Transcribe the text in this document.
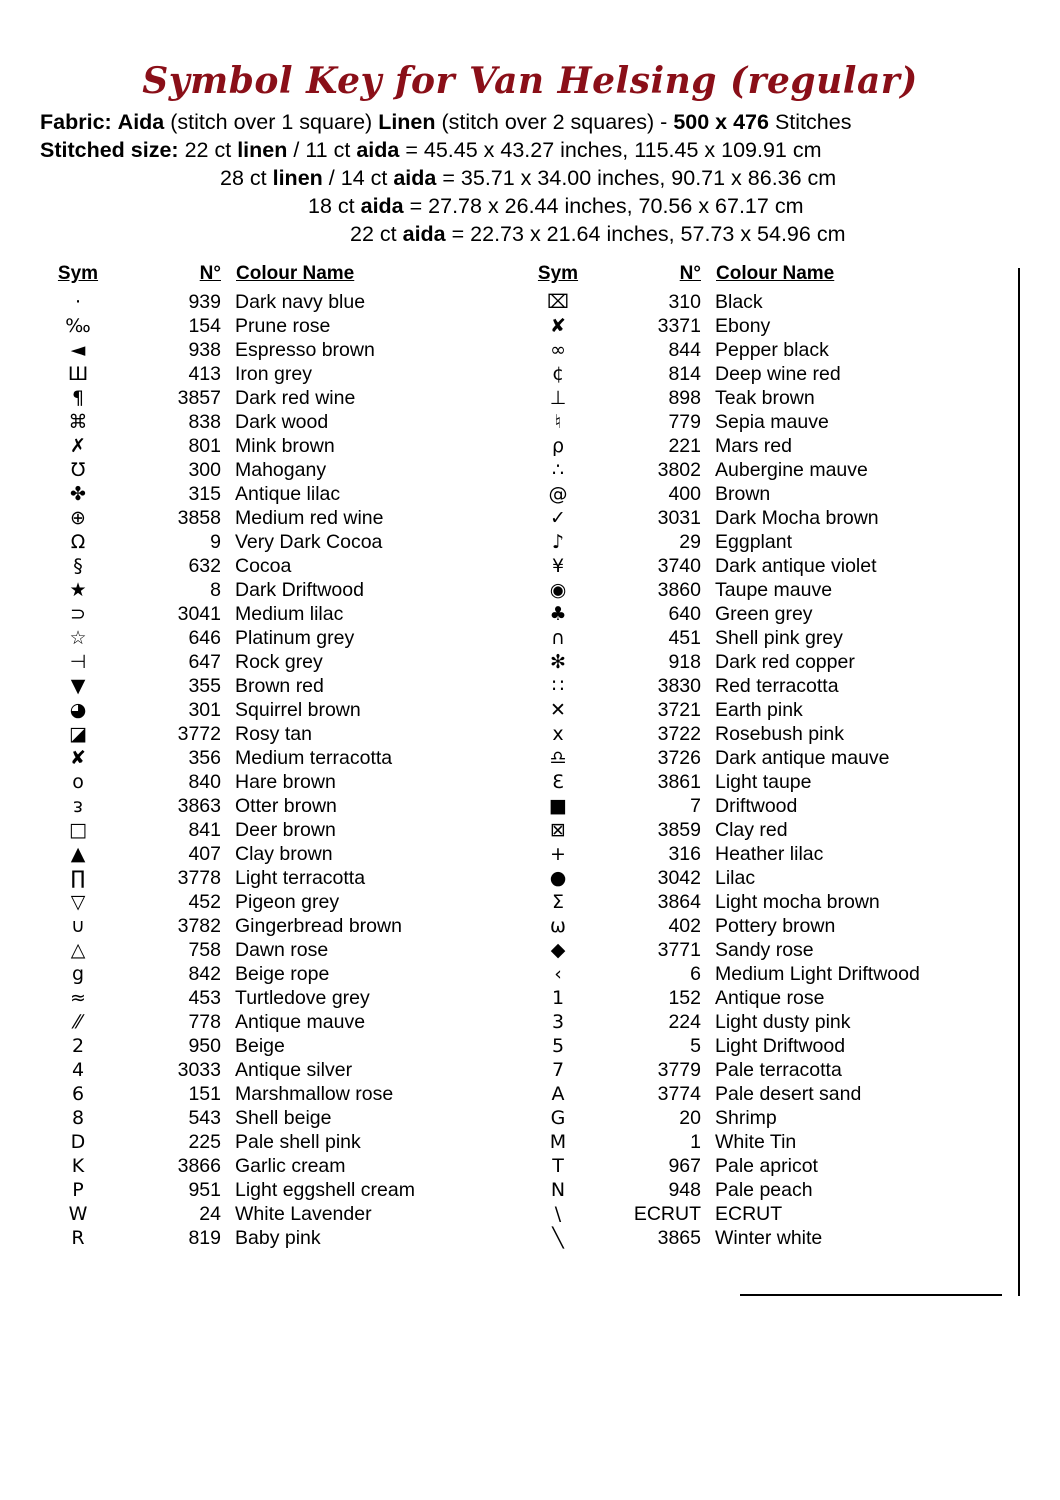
Symbol Key for Van Helsing (regular)
Fabric: Aida (stitch over 1 square) Linen (stitch over 2 squares) - 500 x 476 Stitches
Stitched size: 22 ct linen / 11 ct aida = 45.45 x 43.27 inches, 115.45 x 109.91 cm
28 ct linen / 14 ct aida = 35.71 x 34.00 inches, 90.71 x 86.36 cm
18 ct aida = 27.78 x 26.44 inches, 70.56 x 67.17 cm
22 ct aida = 22.73 x 21.64 inches, 57.73 x 54.96 cm
Sym	N°	Colour Name
·	939	Dark navy blue
‰	154	Prune rose
◄	938	Espresso brown
Ш	413	Iron grey
¶	3857	Dark red wine
⌘	838	Dark wood
✗	801	Mink brown
℧	300	Mahogany
✤	315	Antique lilac
⊕	3858	Medium red wine
Ω	9	Very Dark Cocoa
§	632	Cocoa
★	8	Dark Driftwood
⊃	3041	Medium lilac
☆	646	Platinum grey
⊣	647	Rock grey
▼	355	Brown red
◕	301	Squirrel brown
◪	3772	Rosy tan
✘	356	Medium terracotta
o	840	Hare brown
ᴈ	3863	Otter brown
□	841	Deer brown
▲	407	Clay brown
∏	3778	Light terracotta
▽	452	Pigeon grey
∪	3782	Gingerbread brown
△	758	Dawn rose
g	842	Beige rope
≈	453	Turtledove grey
⁄⁄	778	Antique mauve
2	950	Beige
4	3033	Antique silver
6	151	Marshmallow rose
8	543	Shell beige
D	225	Pale shell pink
K	3866	Garlic cream
P	951	Light eggshell cream
W	24	White Lavender
R	819	Baby pink
Sym	N°	Colour Name
⌧	310	Black
✘	3371	Ebony
∞	844	Pepper black
¢	814	Deep wine red
⊥	898	Teak brown
♮	779	Sepia mauve
ρ	221	Mars red
∴	3802	Aubergine mauve
@	400	Brown
✓	3031	Dark Mocha brown
♪	29	Eggplant
¥	3740	Dark antique violet
◉	3860	Taupe mauve
♣	640	Green grey
∩	451	Shell pink grey
✻	918	Dark red copper
∷	3830	Red terracotta
✕	3721	Earth pink
x	3722	Rosebush pink
♎	3726	Dark antique mauve
Ɛ	3861	Light taupe
■	7	Driftwood
⊠	3859	Clay red
+	316	Heather lilac
●	3042	Lilac
Σ	3864	Light mocha brown
ω	402	Pottery brown
◆	3771	Sandy rose
‹	6	Medium Light Driftwood
1	152	Antique rose
3	224	Light dusty pink
5	5	Light Driftwood
7	3779	Pale terracotta
A	3774	Pale desert sand
G	20	Shrimp
M	1	White Tin
T	967	Pale apricot
N	948	Pale peach
\	ECRUT	ECRUT
╲	3865	Winter white
